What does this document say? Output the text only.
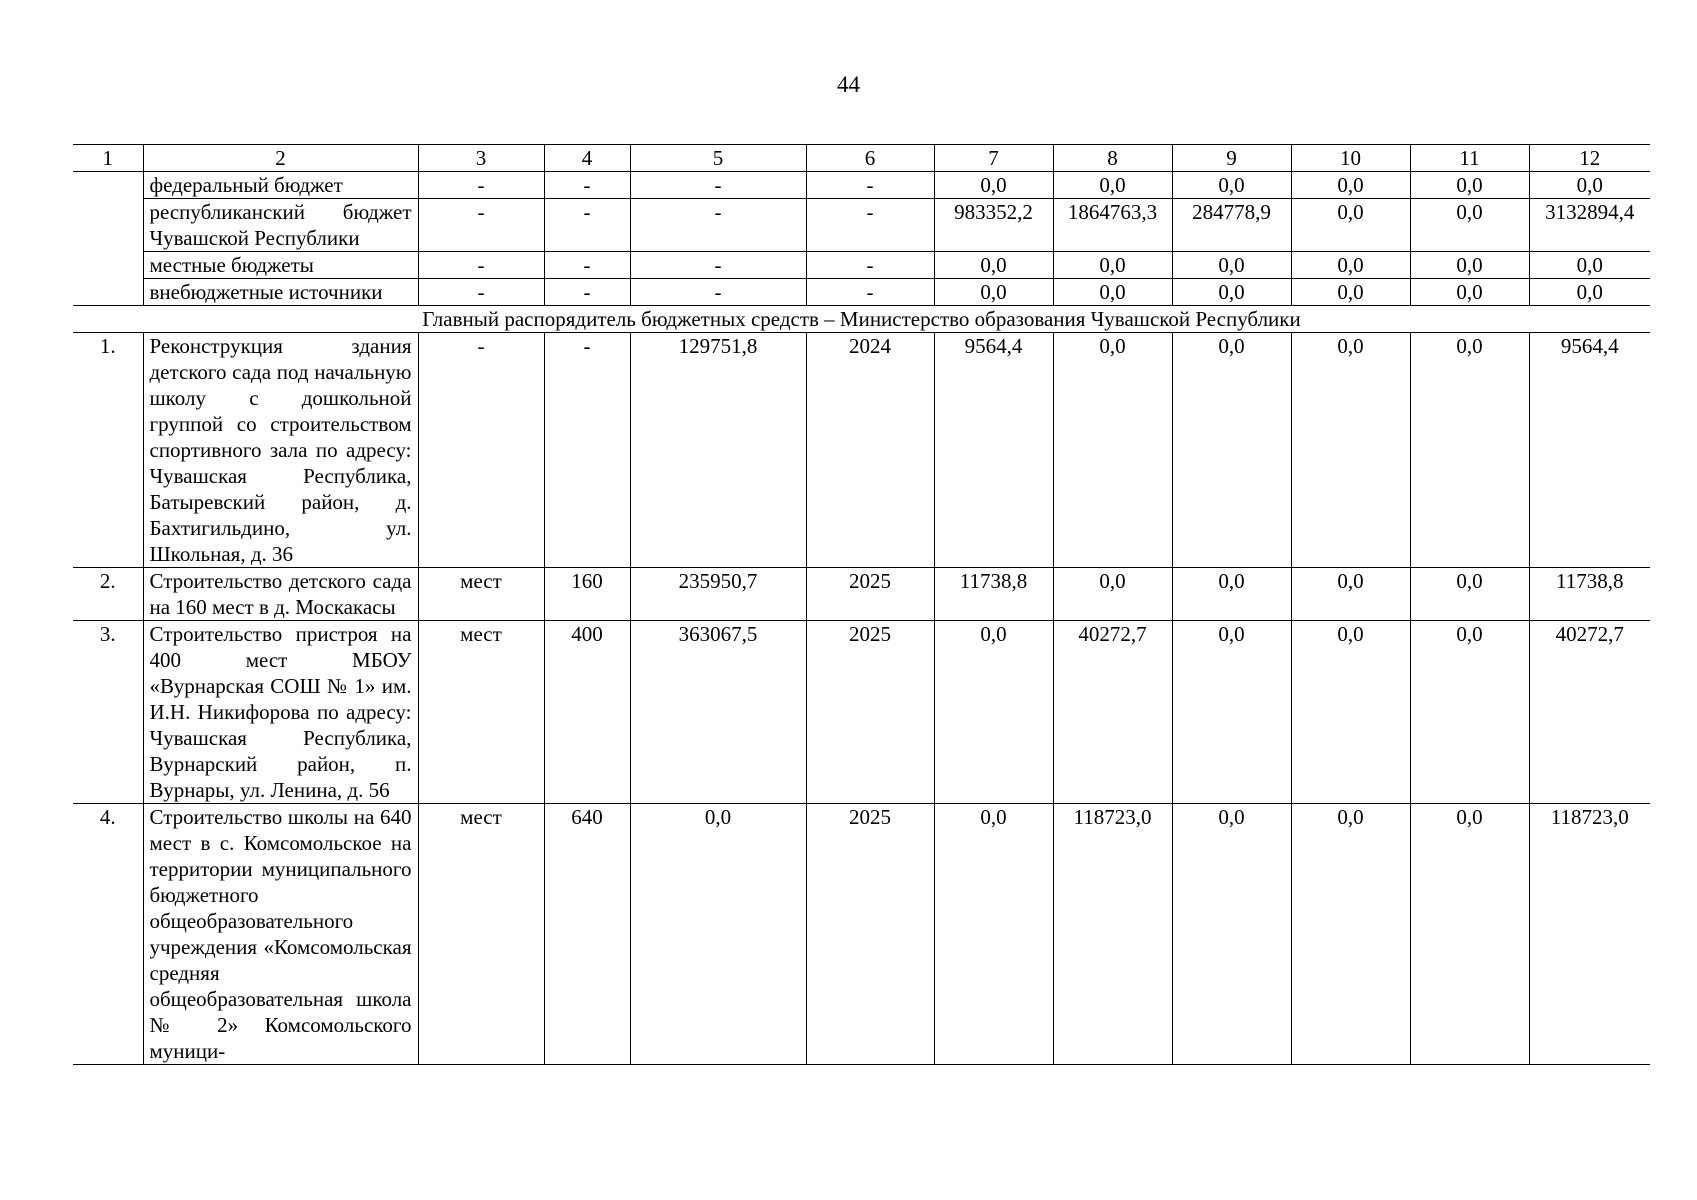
44
1	2	3	4	5	6	7	8	9	10	11	12
	федеральный бюджет	-	-	-	-	0,0	0,0	0,0	0,0	0,0	0,0
	республиканский бюджет Чувашской Республики	-	-	-	-	983352,2	1864763,3	284778,9	0,0	0,0	3132894,4
	местные бюджеты	-	-	-	-	0,0	0,0	0,0	0,0	0,0	0,0
	внебюджетные источники	-	-	-	-	0,0	0,0	0,0	0,0	0,0	0,0
Главный распорядитель бюджетных средств – Министерство образования Чувашской Республики											
1.	Реконструкция здания детского сада под начальную школу с дошкольной группой со строительством спортивного зала по адресу: Чувашская Республика, Батыревский район, д. Бахтигильдино, ул. Школьная, д. 36	-	-	129751,8	2024	9564,4	0,0	0,0	0,0	0,0	9564,4
2.	Строительство детского сада на 160 мест в д. Москакасы	мест	160	235950,7	2025	11738,8	0,0	0,0	0,0	0,0	11738,8
3.	Строительство пристроя на 400 мест МБОУ «Вурнарская СОШ № 1» им. И.Н. Никифорова по адресу: Чувашская Республика, Вурнарский район, п. Вурнары, ул. Ленина, д. 56	мест	400	363067,5	2025	0,0	40272,7	0,0	0,0	0,0	40272,7
4.	Строительство школы на 640 мест в с. Комсомольское на территории муниципального бюджетного общеобразовательного учреждения «Комсомольская средняя общеобразовательная школа № 2» Комсомольского муници-	мест	640	0,0	2025	0,0	118723,0	0,0	0,0	0,0	118723,0
